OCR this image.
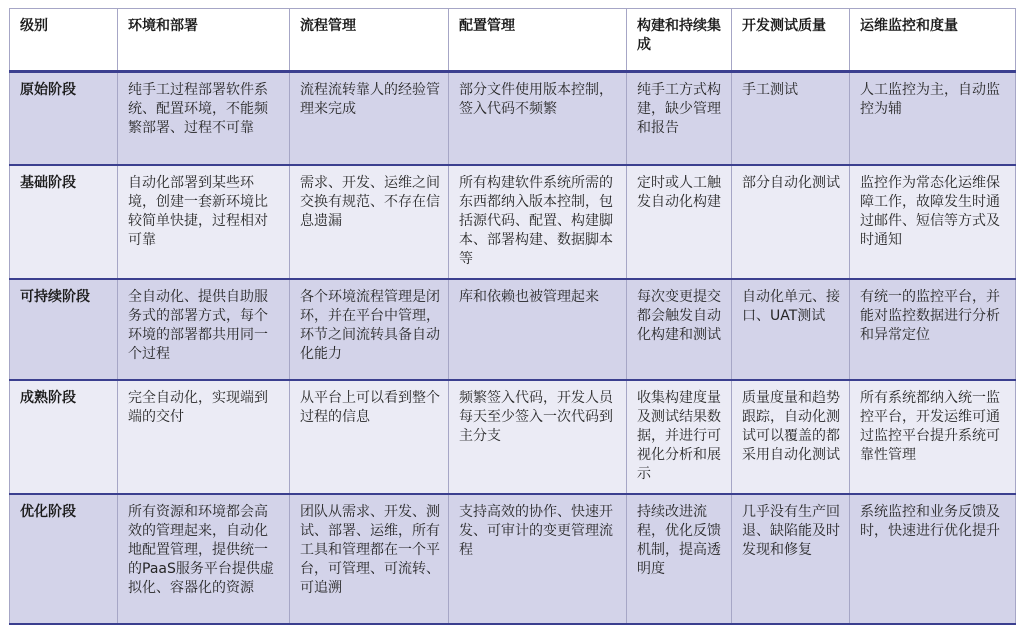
级别	环境和部署	流程管理	配置管理	构建和持续集成	开发测试质量	运维监控和度量
原始阶段	纯手工过程部署软件系统、配置环境，不能频繁部署、过程不可靠	流程流转靠人的经验管理来完成	部分文件使用版本控制，签入代码不频繁	纯手工方式构建，缺少管理和报告	手工测试	人工监控为主，自动监控为辅
基础阶段	自动化部署到某些环境，创建一套新环境比较简单快捷，过程相对可靠	需求、开发、运维之间交换有规范、不存在信息遗漏	所有构建软件系统所需的东西都纳入版本控制，包括源代码、配置、构建脚本、部署构建、数据脚本等	定时或人工触发自动化构建	部分自动化测试	监控作为常态化运维保障工作，故障发生时通过邮件、短信等方式及时通知
可持续阶段	全自动化、提供自助服务式的部署方式，每个环境的部署都共用同一个过程	各个环境流程管理是闭环，并在平台中管理，环节之间流转具备自动化能力	库和依赖也被管理起来	每次变更提交都会触发自动化构建和测试	自动化单元、接口、UAT测试	有统一的监控平台，并能对监控数据进行分析和异常定位
成熟阶段	完全自动化，实现端到端的交付	从平台上可以看到整个过程的信息	频繁签入代码，开发人员每天至少签入一次代码到主分支	收集构建度量及测试结果数据，并进行可视化分析和展示	质量度量和趋势跟踪，自动化测试可以覆盖的都采用自动化测试	所有系统都纳入统一监控平台，开发运维可通过监控平台提升系统可靠性管理
优化阶段	所有资源和环境都会高效的管理起来，自动化地配置管理，提供统一的PaaS服务平台提供虚拟化、容器化的资源	团队从需求、开发、测试、部署、运维，所有工具和管理都在一个平台，可管理、可流转、可追溯	支持高效的协作、快速开发、可审计的变更管理流程	持续改进流程，优化反馈机制，提高透明度	几乎没有生产回退、缺陷能及时发现和修复	系统监控和业务反馈及时，快速进行优化提升
